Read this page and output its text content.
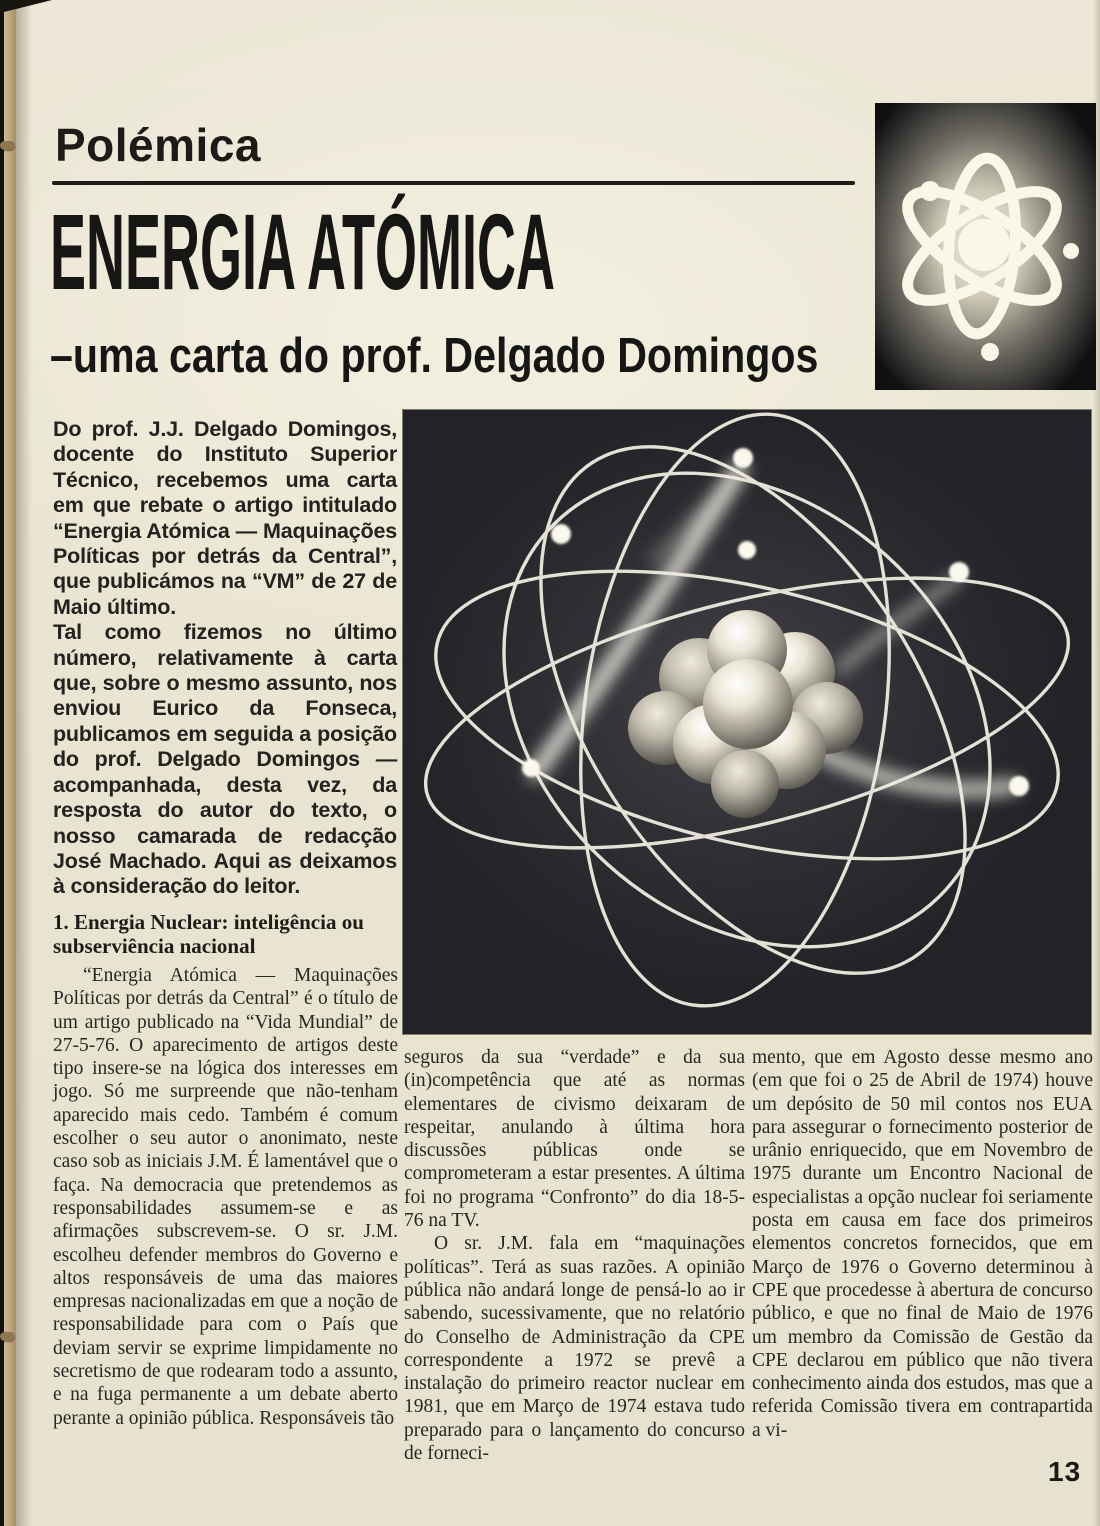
Polémica
ENERGIA ATÓMICA
–uma carta do prof. Delgado Domingos

Do prof. J.J. Delgado Domingos, docente do Instituto Superior Técnico, recebemos uma carta em que rebate o artigo intitulado “Energia Atómica — Maquinações Políticas por detrás da Central”, que publicámos na “VM” de 27 de Maio último.

Tal como fizemos no último número, relativamente à carta que, sobre o mesmo assunto, nos enviou Eurico da Fonseca, publicamos em seguida a posição do prof. Delgado Domingos — acompanhada, desta vez, da resposta do autor do texto, o nosso camarada de redacção José Machado. Aqui as deixamos à consideração do leitor.

1. Energia Nuclear: inteligência ou subserviência nacional

“Energia Atómica — Maquinações Políticas por detrás da Central” é o título de um artigo publicado na “Vida Mundial” de 27-5-76. O aparecimento de artigos deste tipo insere-se na lógica dos interesses em jogo. Só me surpreende que não-tenham aparecido mais cedo. Também é comum escolher o seu autor o anonimato, neste caso sob as iniciais J.M. É lamentável que o faça. Na democracia que pretendemos as responsabilidades assumem-se e as afirmações subscrevem-se. O sr. J.M. escolheu defender membros do Governo e altos responsáveis de uma das maiores empresas nacionalizadas em que a noção de responsabilidade para com o País que deviam servir se exprime limpidamente no secretismo de que rodearam todo a assunto, e na fuga permanente a um debate aberto perante a opinião pública. Responsáveis tão

seguros da sua “verdade” e da sua (in)competência que até as normas elementares de civismo deixaram de respeitar, anulando à última hora discussões públicas onde se comprometeram a estar presentes. A última foi no programa “Confronto” do dia 18-5-76 na TV.

O sr. J.M. fala em “maquinações políticas”. Terá as suas razões. A opinião pública não andará longe de pensá-lo ao ir sabendo, sucessivamente, que no relatório do Conselho de Administração da CPE correspondente a 1972 se prevê a instalação do primeiro reactor nuclear em 1981, que em Março de 1974 estava tudo preparado para o lançamento do concurso de forneci-

mento, que em Agosto desse mesmo ano (em que foi o 25 de Abril de 1974) houve um depósito de 50 mil contos nos EUA para assegurar o fornecimento posterior de urânio enriquecido, que em Novembro de 1975 durante um Encontro Nacional de especialistas a opção nuclear foi seriamente posta em causa em face dos primeiros elementos concretos fornecidos, que em Março de 1976 o Governo determinou à CPE que procedesse à abertura de concurso público, e que no final de Maio de 1976 um membro da Comissão de Gestão da CPE declarou em público que não tivera conhecimento ainda dos estudos, mas que a referida Comissão tivera em contrapartida a vi-

13
